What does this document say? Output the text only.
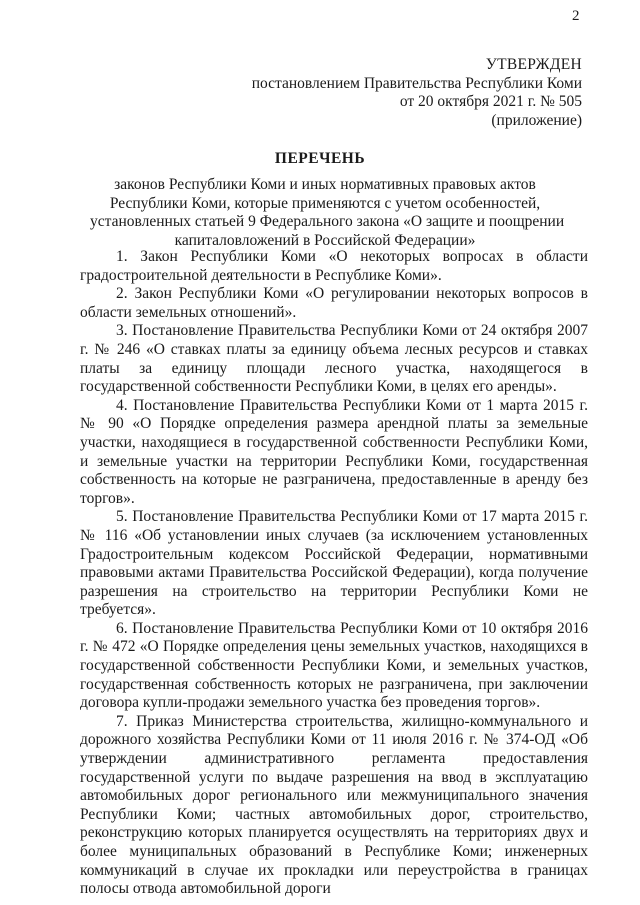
2
УТВЕРЖДЕН
постановлением Правительства Республики Коми
от 20 октября 2021 г. № 505
(приложение)
ПЕРЕЧЕНЬ
законов Республики Коми и иных нормативных правовых актов
Республики Коми, которые применяются с учетом особенностей,
установленных статьей 9 Федерального закона «О защите и поощрении
капиталовложений в Российской Федерации»

1. Закон Республики Коми «О некоторых вопросах в области градостроительной деятельности в Республике Коми».

2. Закон Республики Коми «О регулировании некоторых вопросов в области земельных отношений».

3. Постановление Правительства Республики Коми от 24 октября 2007 г. № 246 «О ставках платы за единицу объема лесных ресурсов и ставках платы за единицу площади лесного участка, находящегося в государственной собственности Республики Коми, в целях его аренды».

4. Постановление Правительства Республики Коми от 1 марта 2015 г. № 90 «О Порядке определения размера арендной платы за земельные участки, находящиеся в государственной собственности Республики Коми, и земельные участки на территории Республики Коми, государственная собственность на которые не разграничена, предоставленные в аренду без торгов».

5. Постановление Правительства Республики Коми от 17 марта 2015 г. № 116 «Об установлении иных случаев (за исключением установленных Градостроительным кодексом Российской Федерации, нормативными правовыми актами Правительства Российской Федерации), когда получение разрешения на строительство на территории Республики Коми не требуется».

6. Постановление Правительства Республики Коми от 10 октября 2016 г. № 472 «О Порядке определения цены земельных участков, находящихся в государственной собственности Республики Коми, и земельных участков, государственная собственность которых не разграничена, при заключении договора купли-продажи земельного участка без проведения торгов».

7. Приказ Министерства строительства, жилищно-коммунального и дорожного хозяйства Республики Коми от 11 июля 2016 г. № 374-ОД «Об утверждении административного регламента предоставления государственной услуги по выдаче разрешения на ввод в эксплуатацию автомобильных дорог регионального или межмуниципального значения Республики Коми; частных автомобильных дорог, строительство, реконструкцию которых планируется осуществлять на территориях двух и более муниципальных образований в Республике Коми; инженерных коммуникаций в случае их прокладки или переустройства в границах полосы отвода автомобильной дороги
